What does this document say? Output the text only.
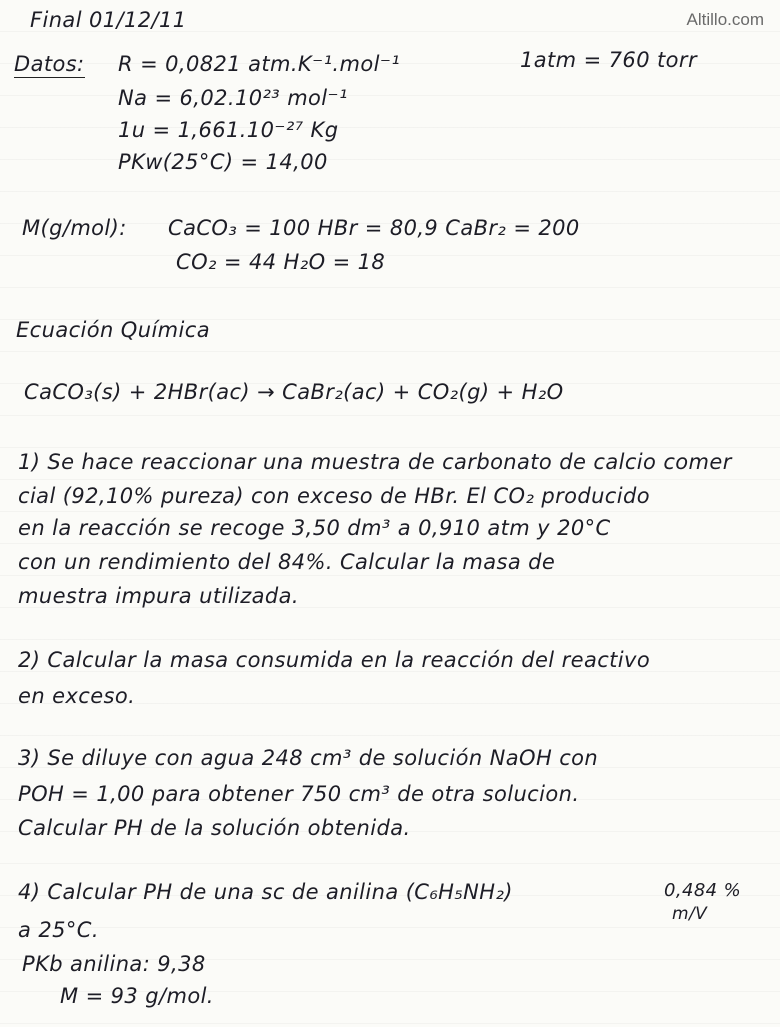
Altillo.com

Final 01/12/11

Datos: R = 0,0821 atm.K⁻¹.mol⁻¹	1atm = 760 torr

Na = 6,02.10²³ mol⁻¹

1u = 1,661.10⁻²⁷ Kg

PKw(25°C) = 14,00

M(g/mol): CaCO₃ = 100 HBr = 80,9 CaBr₂ = 200

CO₂ = 44 H₂O = 18

Ecuación Química

CaCO₃(s) + 2HBr(ac) → CaBr₂(ac) + CO₂(g) + H₂O

1) Se hace reaccionar una muestra de carbonato de calcio comer

cial (92,10% pureza) con exceso de HBr. El CO₂ producido

en la reacción se recoge 3,50 dm³ a 0,910 atm y 20°C

con un rendimiento del 84%. Calcular la masa de

muestra impura utilizada.

2) Calcular la masa consumida en la reacción del reactivo

en exceso.

3) Se diluye con agua 248 cm³ de solución NaOH con

POH = 1,00 para obtener 750 cm³ de otra solucion.

Calcular PH de la solución obtenida.

4) Calcular PH de una sc de anilina (C₆H₅NH₂)	0,484 %

m/V

a 25°C.

PKb anilina: 9,38

M = 93 g/mol.
